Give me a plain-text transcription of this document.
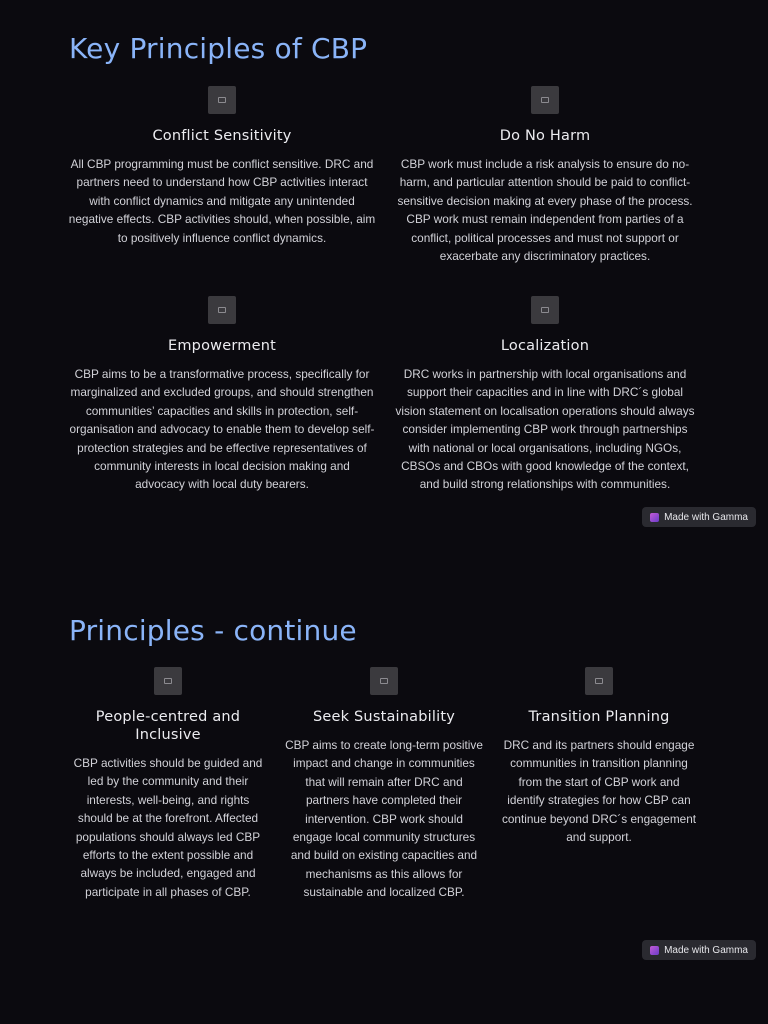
Key Principles of CBP
Conflict Sensitivity

All CBP programming must be conflict sensitive. DRC and partners need to understand how CBP activities interact with conflict dynamics and mitigate any unintended negative effects. CBP activities should, when possible, aim to positively influence conflict dynamics.

Do No Harm

CBP work must include a risk analysis to ensure do no-harm, and particular attention should be paid to conflict-sensitive decision making at every phase of the process. CBP work must remain independent from parties of a conflict, political processes and must not support or exacerbate any discriminatory practices.

Empowerment

CBP aims to be a transformative process, specifically for marginalized and excluded groups, and should strengthen communities’ capacities and skills in protection, self-organisation and advocacy to enable them to develop self-protection strategies and be effective representatives of community interests in local decision making and advocacy with local duty bearers.

Localization

DRC works in partnership with local organisations and support their capacities and in line with DRC´s global vision statement on localisation operations should always consider implementing CBP work through partnerships with national or local organisations, including NGOs, CBSOs and CBOs with good knowledge of the context, and build strong relationships with communities.

Made with Gamma
Principles - continue
People-centred and Inclusive

CBP activities should be guided and led by the community and their interests, well-being, and rights should be at the forefront. Affected populations should always led CBP efforts to the extent possible and always be included, engaged and participate in all phases of CBP.

Seek Sustainability

CBP aims to create long-term positive impact and change in communities that will remain after DRC and partners have completed their intervention. CBP work should engage local community structures and build on existing capacities and mechanisms as this allows for sustainable and localized CBP.

Transition Planning

DRC and its partners should engage communities in transition planning from the start of CBP work and identify strategies for how CBP can continue beyond DRC´s engagement and support.

Made with Gamma
